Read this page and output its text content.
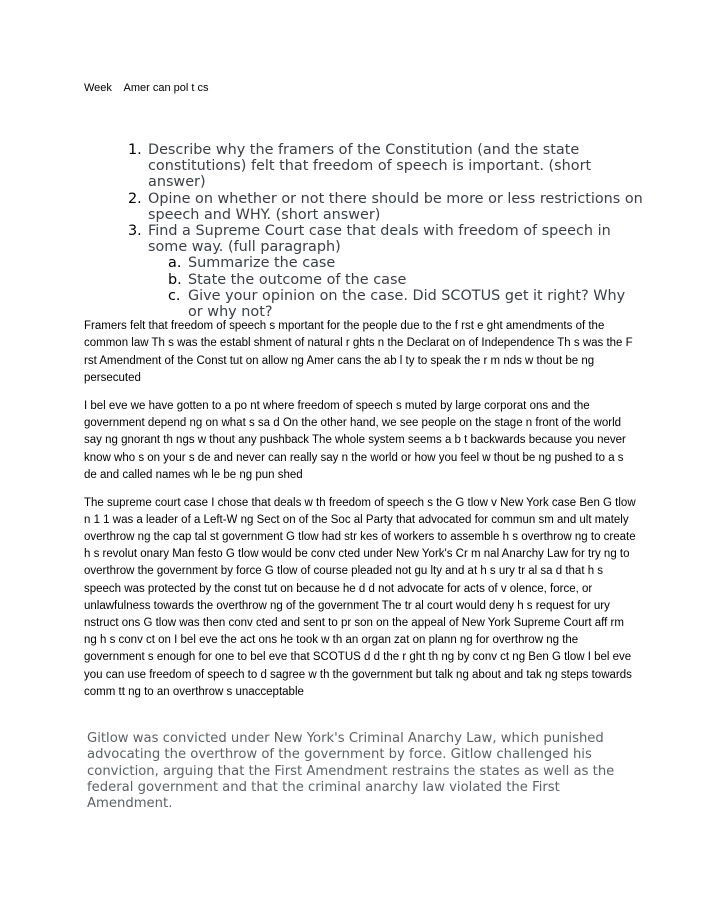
Week    Amer can pol t cs
1. Describe why the framers of the Constitution (and the state constitutions) felt that freedom of speech is important. (short answer)
2. Opine on whether or not there should be more or less restrictions on speech and WHY. (short answer)
3. Find a Supreme Court case that deals with freedom of speech in some way. (full paragraph)
a. Summarize the case
b. State the outcome of the case
c. Give your opinion on the case. Did SCOTUS get it right? Why or why not?

Framers felt that freedom of speech s mportant for the people due to the f rst e ght amendments of the common law Th s was the establ shment of natural r ghts n the Declarat on of Independence Th s was the F rst Amendment of the Const tut on allow ng Amer cans the ab l ty to speak the r m nds w thout be ng persecuted

I bel eve we have gotten to a po nt where freedom of speech s muted by large corporat ons and the government depend ng on what s sa d On the other hand, we see people on the stage n front of the world say ng gnorant th ngs w thout any pushback The whole system seems a b t backwards because you never know who s on your s de and never can really say n the world or how you feel w thout be ng pushed to a s de and called names wh le be ng pun shed

The supreme court case I chose that deals w th freedom of speech s the G tlow v New York case Ben G tlow n 1 1 was a leader of a Left-W ng Sect on of the Soc al Party that advocated for commun sm and ult mately overthrow ng the cap tal st government G tlow had str kes of workers to assemble h s overthrow ng to create h s revolut onary Man festo G tlow would be conv cted under New York's Cr m nal Anarchy Law for try ng to overthrow the government by force G tlow of course pleaded not gu lty and at h s ury tr al sa d that h s speech was protected by the const tut on because he d d not advocate for acts of v olence, force, or unlawfulness towards the overthrow ng of the government The tr al court would deny h s request for ury nstruct ons G tlow was then conv cted and sent to pr son on the appeal of New York Supreme Court aff rm ng h s conv ct on I bel eve the act ons he took w th an organ zat on plann ng for overthrow ng the government s enough for one to bel eve that SCOTUS d d the r ght th ng by conv ct ng Ben G tlow I bel eve you can use freedom of speech to d sagree w th the government but talk ng about and tak ng steps towards comm tt ng to an overthrow s unacceptable

Gitlow was convicted under New York's Criminal Anarchy Law, which punished advocating the overthrow of the government by force. Gitlow challenged his conviction, arguing that the First Amendment restrains the states as well as the federal government and that the criminal anarchy law violated the First Amendment.
